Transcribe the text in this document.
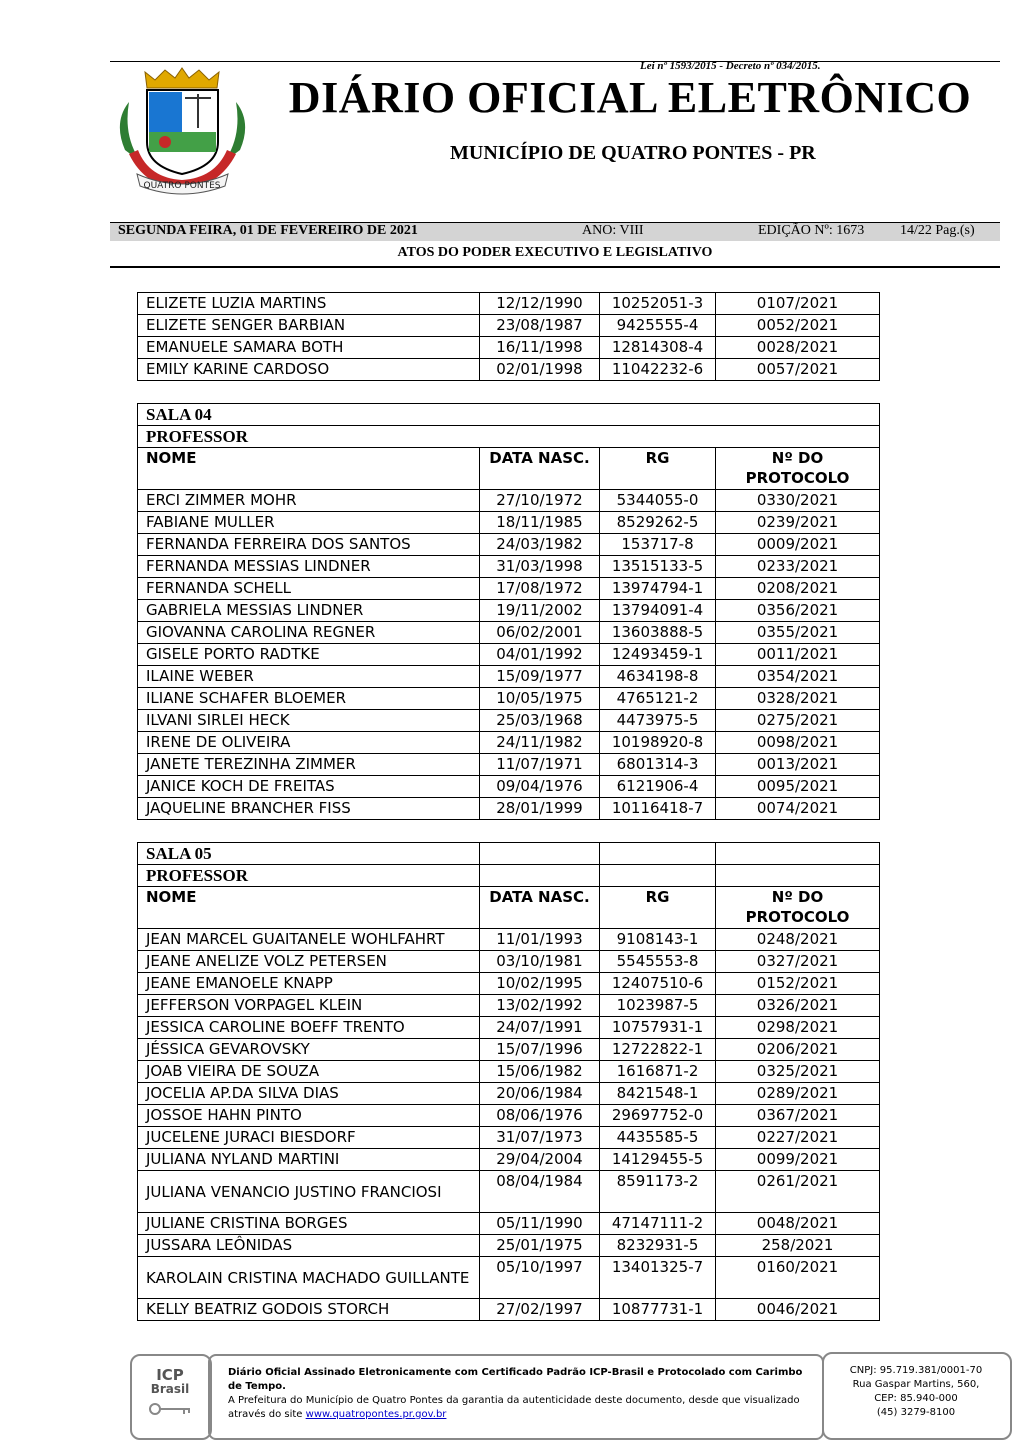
Lei nº 1593/2015 - Decreto nº 034/2015.
QUATRO PONTES
DIÁRIO OFICIAL ELETRÔNICO
MUNICÍPIO DE QUATRO PONTES - PR
SEGUNDA FEIRA, 01 DE FEVEREIRO DE 2021	ANO: VIII	EDIÇÃO Nº: 1673	14/22 Pag.(s)
ATOS DO PODER EXECUTIVO E LEGISLATIVO
ELIZETE LUZIA MARTINS	12/12/1990	10252051-3	0107/2021
ELIZETE SENGER BARBIAN	23/08/1987	9425555-4	0052/2021
EMANUELE SAMARA BOTH	16/11/1998	12814308-4	0028/2021
EMILY KARINE CARDOSO	02/01/1998	11042232-6	0057/2021
SALA 04			
PROFESSOR			
NOME	DATA NASC.	RG	Nº DO PROTOCOLO
ERCI ZIMMER MOHR	27/10/1972	5344055-0	0330/2021
FABIANE MULLER	18/11/1985	8529262-5	0239/2021
FERNANDA FERREIRA DOS SANTOS	24/03/1982	153717-8	0009/2021
FERNANDA MESSIAS LINDNER	31/03/1998	13515133-5	0233/2021
FERNANDA SCHELL	17/08/1972	13974794-1	0208/2021
GABRIELA MESSIAS LINDNER	19/11/2002	13794091-4	0356/2021
GIOVANNA CAROLINA REGNER	06/02/2001	13603888-5	0355/2021
GISELE PORTO RADTKE	04/01/1992	12493459-1	0011/2021
ILAINE WEBER	15/09/1977	4634198-8	0354/2021
ILIANE SCHAFER BLOEMER	10/05/1975	4765121-2	0328/2021
ILVANI SIRLEI HECK	25/03/1968	4473975-5	0275/2021
IRENE DE OLIVEIRA	24/11/1982	10198920-8	0098/2021
JANETE TEREZINHA ZIMMER	11/07/1971	6801314-3	0013/2021
JANICE KOCH DE FREITAS	09/04/1976	6121906-4	0095/2021
JAQUELINE BRANCHER FISS	28/01/1999	10116418-7	0074/2021
SALA 05			
PROFESSOR			
NOME	DATA NASC.	RG	Nº DO PROTOCOLO
JEAN MARCEL GUAITANELE WOHLFAHRT	11/01/1993	9108143-1	0248/2021
JEANE ANELIZE VOLZ PETERSEN	03/10/1981	5545553-8	0327/2021
JEANE EMANOELE KNAPP	10/02/1995	12407510-6	0152/2021
JEFFERSON VORPAGEL KLEIN	13/02/1992	1023987-5	0326/2021
JESSICA CAROLINE BOEFF TRENTO	24/07/1991	10757931-1	0298/2021
JÉSSICA GEVAROVSKY	15/07/1996	12722822-1	0206/2021
JOAB VIEIRA DE SOUZA	15/06/1982	1616871-2	0325/2021
JOCELIA AP.DA SILVA DIAS	20/06/1984	8421548-1	0289/2021
JOSSOE HAHN PINTO	08/06/1976	29697752-0	0367/2021
JUCELENE JURACI BIESDORF	31/07/1973	4435585-5	0227/2021
JULIANA NYLAND MARTINI	29/04/2004	14129455-5	0099/2021
JULIANA VENANCIO JUSTINO FRANCIOSI	08/04/1984	8591173-2	0261/2021
JULIANE CRISTINA BORGES	05/11/1990	47147111-2	0048/2021
JUSSARA LEÔNIDAS	25/01/1975	8232931-5	258/2021
KAROLAIN CRISTINA MACHADO GUILLANTE	05/10/1997	13401325-7	0160/2021
KELLY BEATRIZ GODOIS STORCH	27/02/1997	10877731-1	0046/2021
ICP
Brasil
Diário Oficial Assinado Eletronicamente com Certificado Padrão ICP-Brasil e Protocolado com Carimbo de Tempo.
A Prefeitura do Município de Quatro Pontes da garantia da autenticidade deste documento, desde que visualizado através do site www.quatropontes.pr.gov.br
CNPJ: 95.719.381/0001-70
Rua Gaspar Martins, 560,
CEP: 85.940-000
(45) 3279-8100
